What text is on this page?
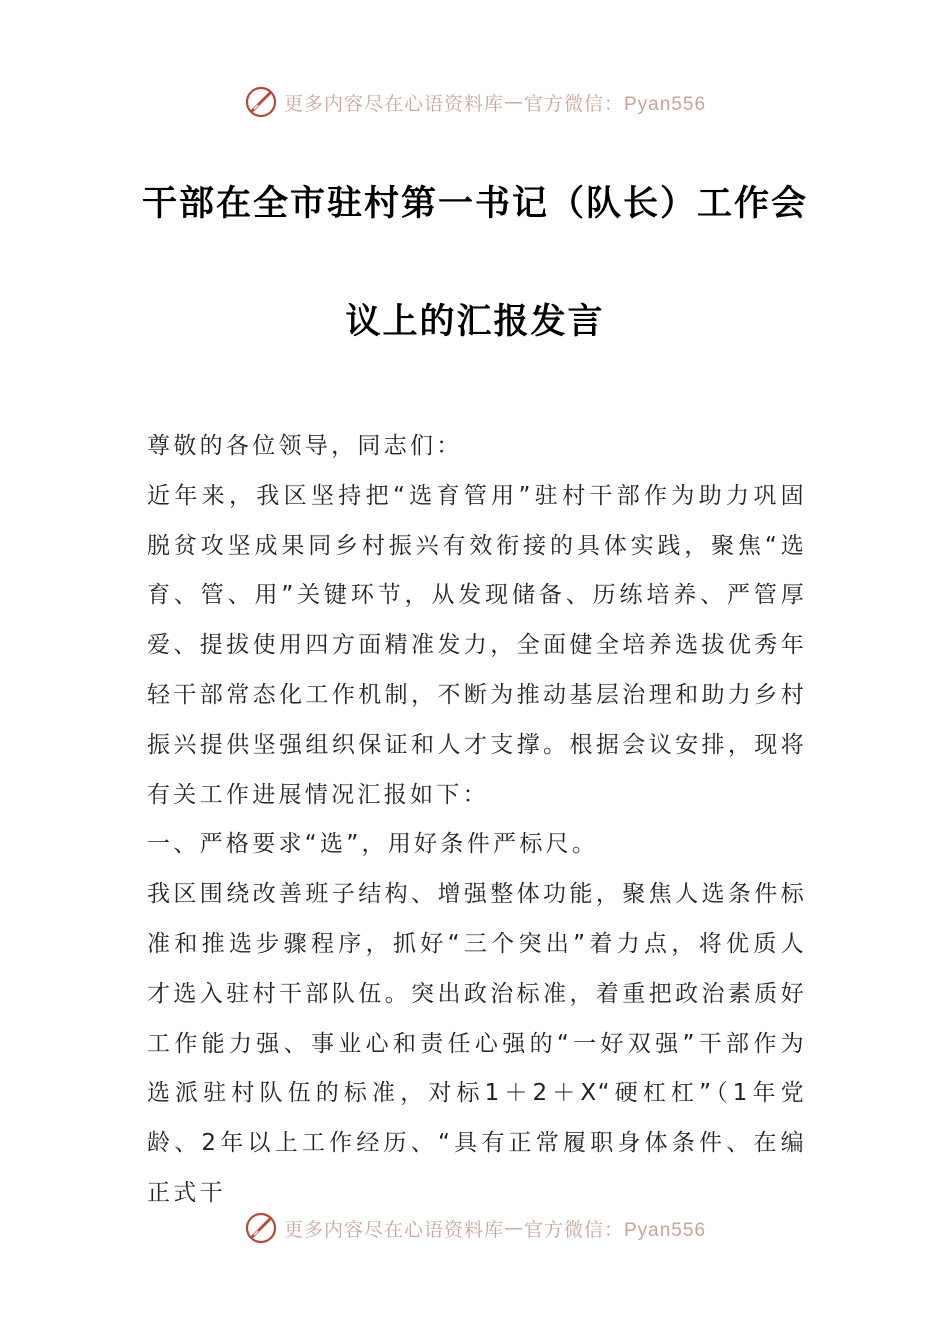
更多内容尽在心语资料库 — 官方微信：Pyan556
干部在全市驻村第一书记（队长）工作会
议上的汇报发言

尊敬的各位领导，同志们：

近年来，我区坚持把“选育管用”驻村干部作为助力巩固脱贫攻坚成果同乡村振兴有效衔接的具体实践，聚焦“选育、管、用”关键环节，从发现储备、历练培养、严管厚爱、提拔使用四方面精准发力，全面健全培养选拔优秀年轻干部常态化工作机制，不断为推动基层治理和助力乡村振兴提供坚强组织保证和人才支撑。根据会议安排，现将有关工作进展情况汇报如下：

一、严格要求“选”，用好条件严标尺。

我区围绕改善班子结构、增强整体功能，聚焦人选条件标准和推选步骤程序，抓好“三个突出”着力点，将优质人才选入驻村干部队伍。突出政治标准，着重把政治素质好工作能力强、事业心和责任心强的“一好双强”干部作为选派驻村队伍的标准，对标1＋2＋X“硬杠杠”（1年党龄、2年以上工作经历、“具有正常履职身体条件、在编正式干

更多内容尽在心语资料库 — 官方微信：Pyan556
